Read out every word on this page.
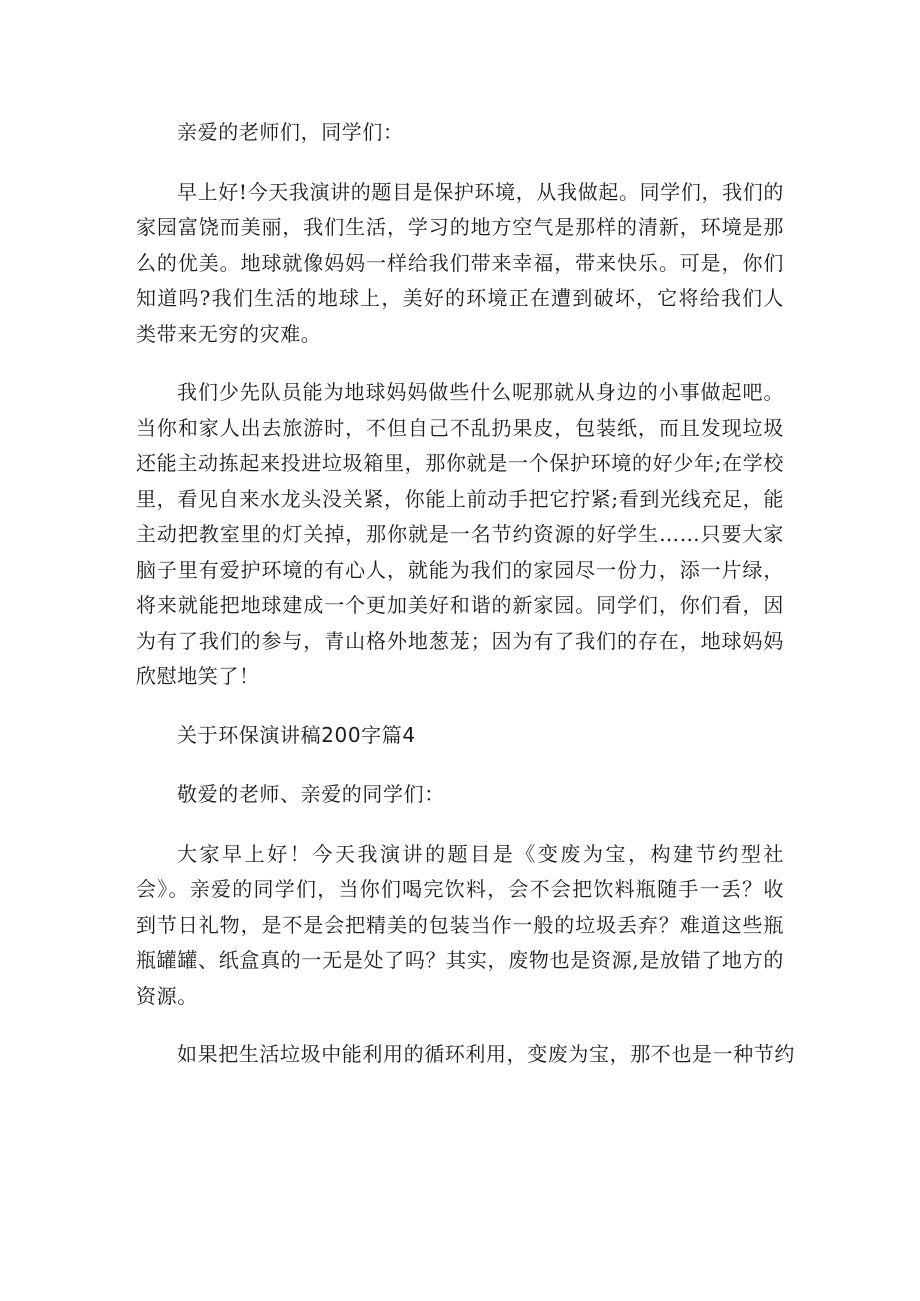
亲爱的老师们，同学们：

早上好!今天我演讲的题目是保护环境，从我做起。同学们，我们的家园富饶而美丽，我们生活，学习的地方空气是那样的清新，环境是那么的优美。地球就像妈妈一样给我们带来幸福，带来快乐。可是，你们知道吗?我们生活的地球上，美好的环境正在遭到破坏，它将给我们人类带来无穷的灾难。

我们少先队员能为地球妈妈做些什么呢那就从身边的小事做起吧。当你和家人出去旅游时，不但自己不乱扔果皮，包装纸，而且发现垃圾还能主动拣起来投进垃圾箱里，那你就是一个保护环境的好少年;在学校里，看见自来水龙头没关紧，你能上前动手把它拧紧;看到光线充足，能主动把教室里的灯关掉，那你就是一名节约资源的好学生……只要大家脑子里有爱护环境的有心人，就能为我们的家园尽一份力，添一片绿，将来就能把地球建成一个更加美好和谐的新家园。同学们，你们看，因为有了我们的参与，青山格外地葱茏；因为有了我们的存在，地球妈妈欣慰地笑了！

关于环保演讲稿200字篇4

敬爱的老师、亲爱的同学们：

大家早上好！今天我演讲的题目是《变废为宝，构建节约型社会》。亲爱的同学们，当你们喝完饮料，会不会把饮料瓶随手一丢？收到节日礼物，是不是会把精美的包装当作一般的垃圾丢弃？难道这些瓶瓶罐罐、纸盒真的一无是处了吗？其实，废物也是资源,是放错了地方的资源。

如果把生活垃圾中能利用的循环利用，变废为宝，那不也是一种节约
